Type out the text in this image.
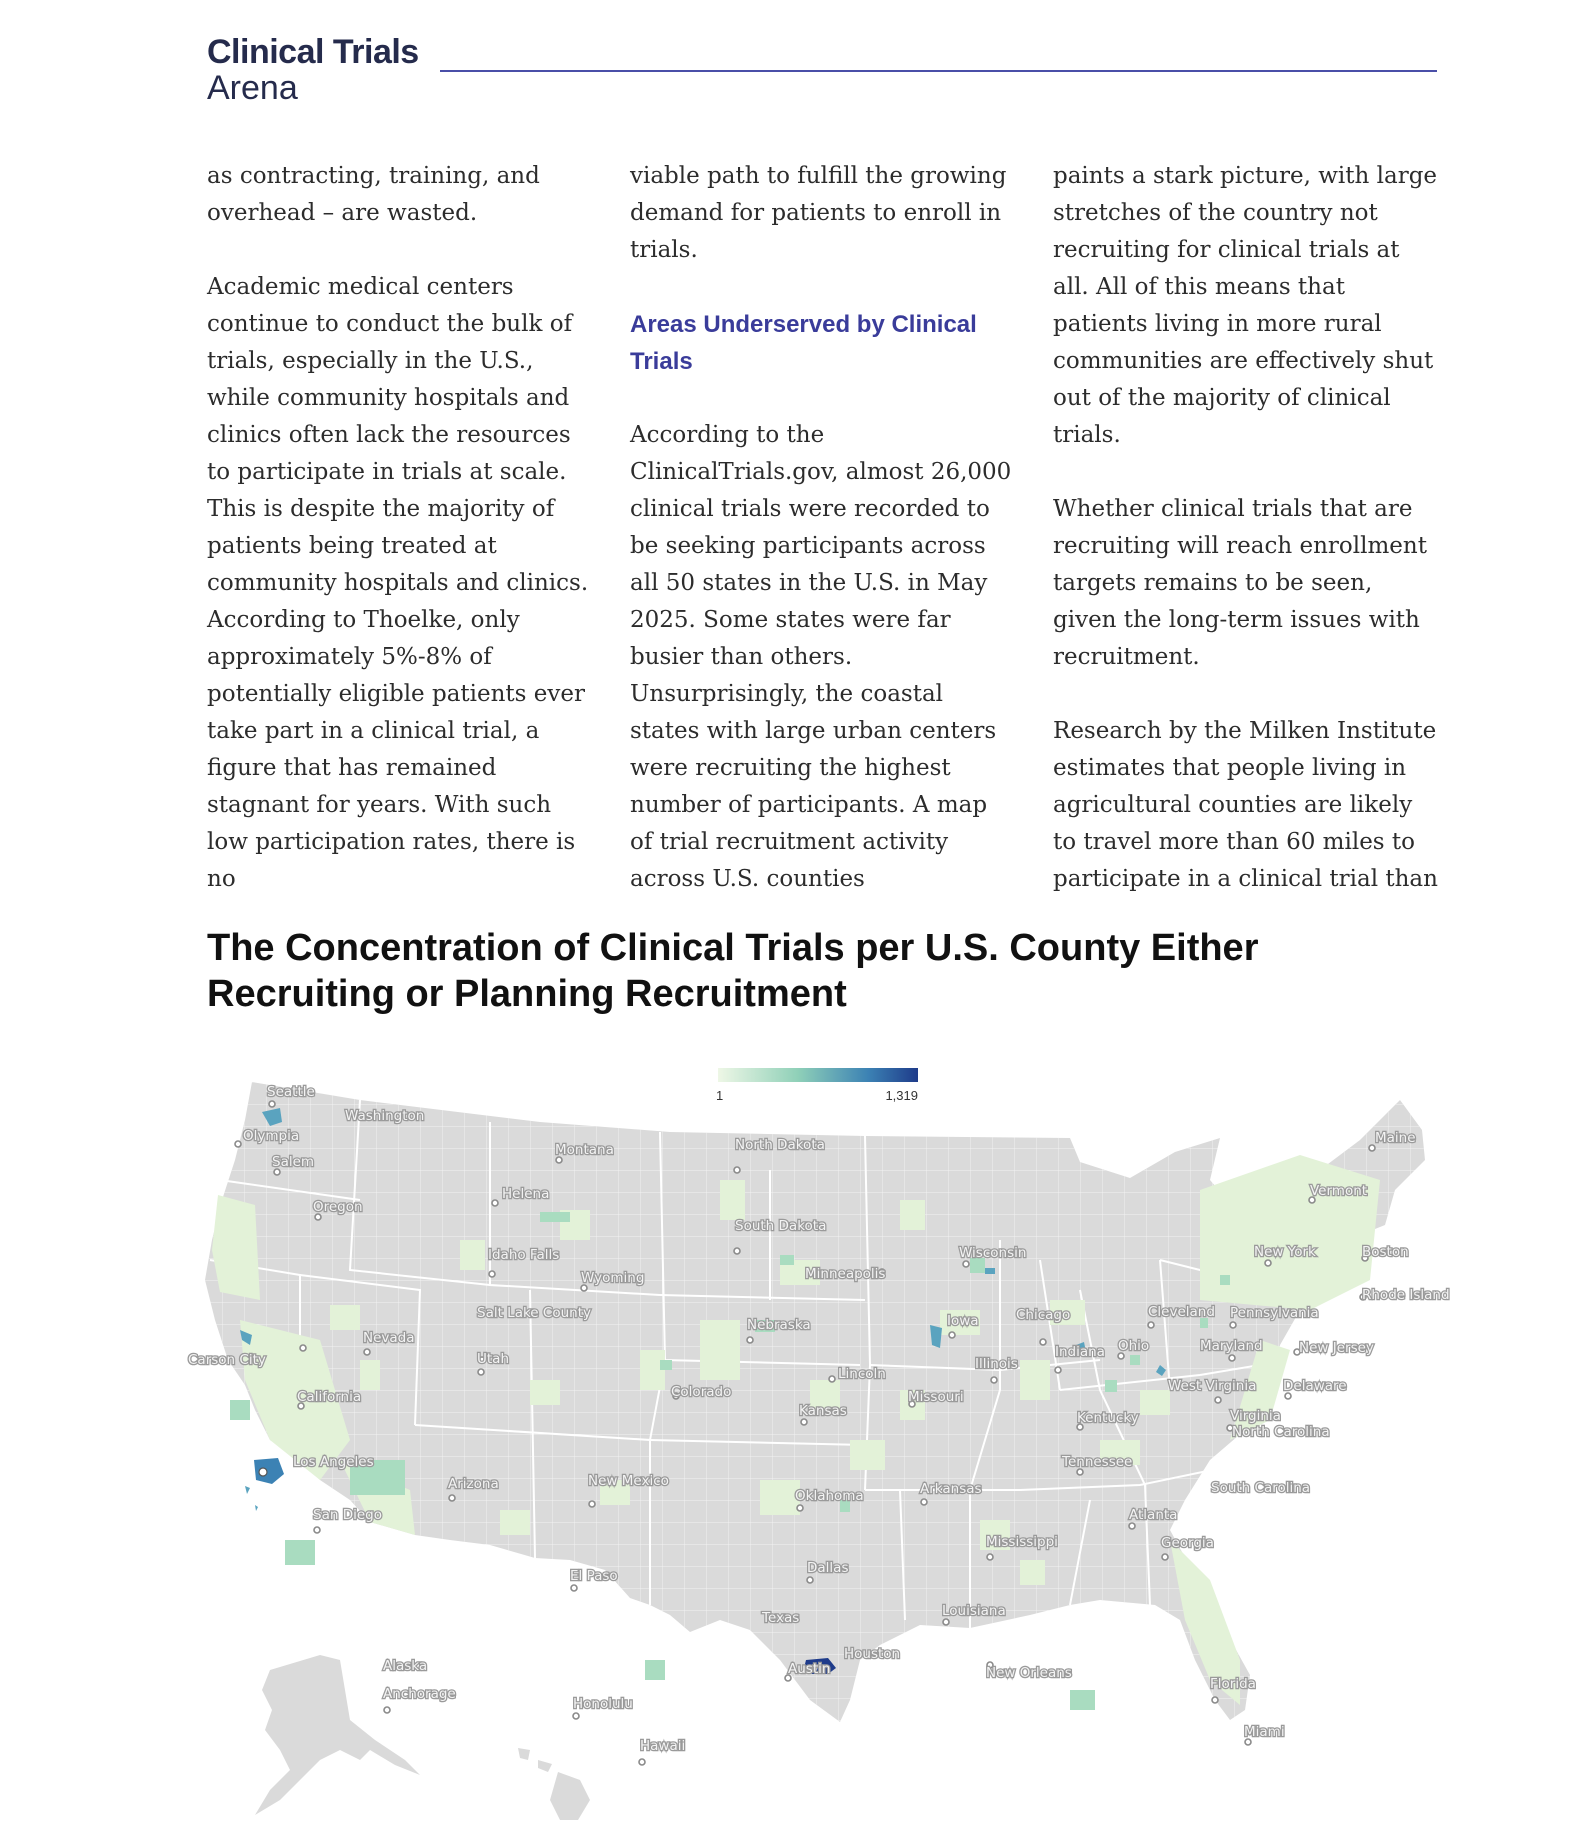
Clinical Trials
Arena

as contracting, training, and overhead – are wasted.

Academic medical centers continue to conduct the bulk of trials, especially in the U.S., while community hospitals and clinics often lack the resources to participate in trials at scale. This is despite the majority of patients being treated at community hospitals and clinics. According to Thoelke, only approximately 5%-8% of potentially eligible patients ever take part in a clinical trial, a figure that has remained stagnant for years. With such low participation rates, there is no

viable path to fulfill the growing demand for patients to enroll in trials.

Areas Underserved by Clinical Trials

According to the ClinicalTrials.gov, almost 26,000 clinical trials were recorded to be seeking participants across all 50 states in the U.S. in May 2025. Some states were far busier than others. Unsurprisingly, the coastal states with large urban centers were recruiting the highest number of participants. A map of trial recruitment activity across U.S. counties

paints a stark picture, with large stretches of the country not recruiting for clinical trials at all. All of this means that patients living in more rural communities are effectively shut out of the majority of clinical trials.

Whether clinical trials that are recruiting will reach enrollment targets remains to be seen, given the long-term issues with recruitment.

Research by the Milken Institute estimates that people living in agricultural counties are likely to travel more than 60 miles to participate in a clinical trial than

The Concentration of Clinical Trials per U.S. County Either Recruiting or Planning Recruitment
1	1,319
Seattle
Washington
Olympia
Salem
Oregon
Montana
Helena
North Dakota
South Dakota
Maine
Vermont
Idaho Falls
Wyoming	Minneapolis
Wisconsin	New York	Boston
Rhode Island
Salt Lake County
Nevada
Carson City	Utah
Nebraska	Iowa	Chicago	Cleveland Pennsylvania
Ohio	Maryland	New Jersey
Indiana
Illinois
Lincoln
Colorado
California	Missouri
West Virginia Delaware
Kansas	Kentucky	Virginia
North Carolina
Los Angeles
Arizona	New Mexico
Tennessee
Arkansas
Oklahoma	South Carolina
San Diego	Atlanta
Mississippi	Georgia
Dallas
El Paso
Texas	Louisiana
Houston
Austin	New Orleans
Alaska
Anchorage
Florida
Honolulu
Hawaii
Miami
